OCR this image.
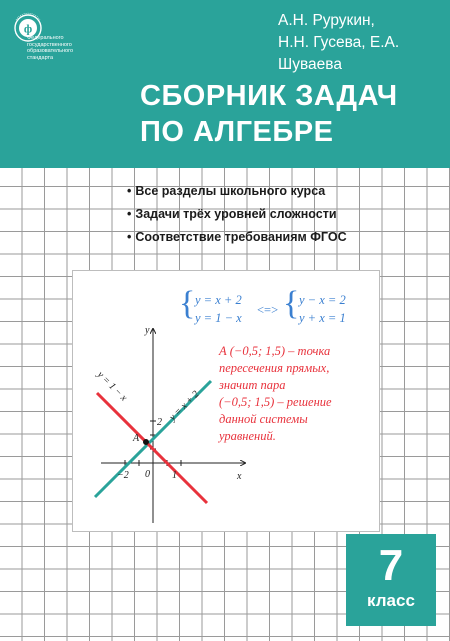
ф
Федерального
государственного
образовательного
стандарта
А.Н. Рурукин,
Н.Н. Гусева, Е.А. Шуваева
СБОРНИК ЗАДАЧ
ПО АЛГЕБРЕ
• Все разделы школьного курса
• Задачи трёх уровней сложности
• Соответствие требованиям ФГОС
x
y
A
−2 0 1
2
y = 1 − x
y = x + 2
{ y = x + 2
y = 1 − x
<=> { y − x = 2
y + x = 1
А (−0,5; 1,5) – точка
пересечения прямых,
значит пара
(−0,5; 1,5) – решение
данной системы
уравнений.
7
класс
